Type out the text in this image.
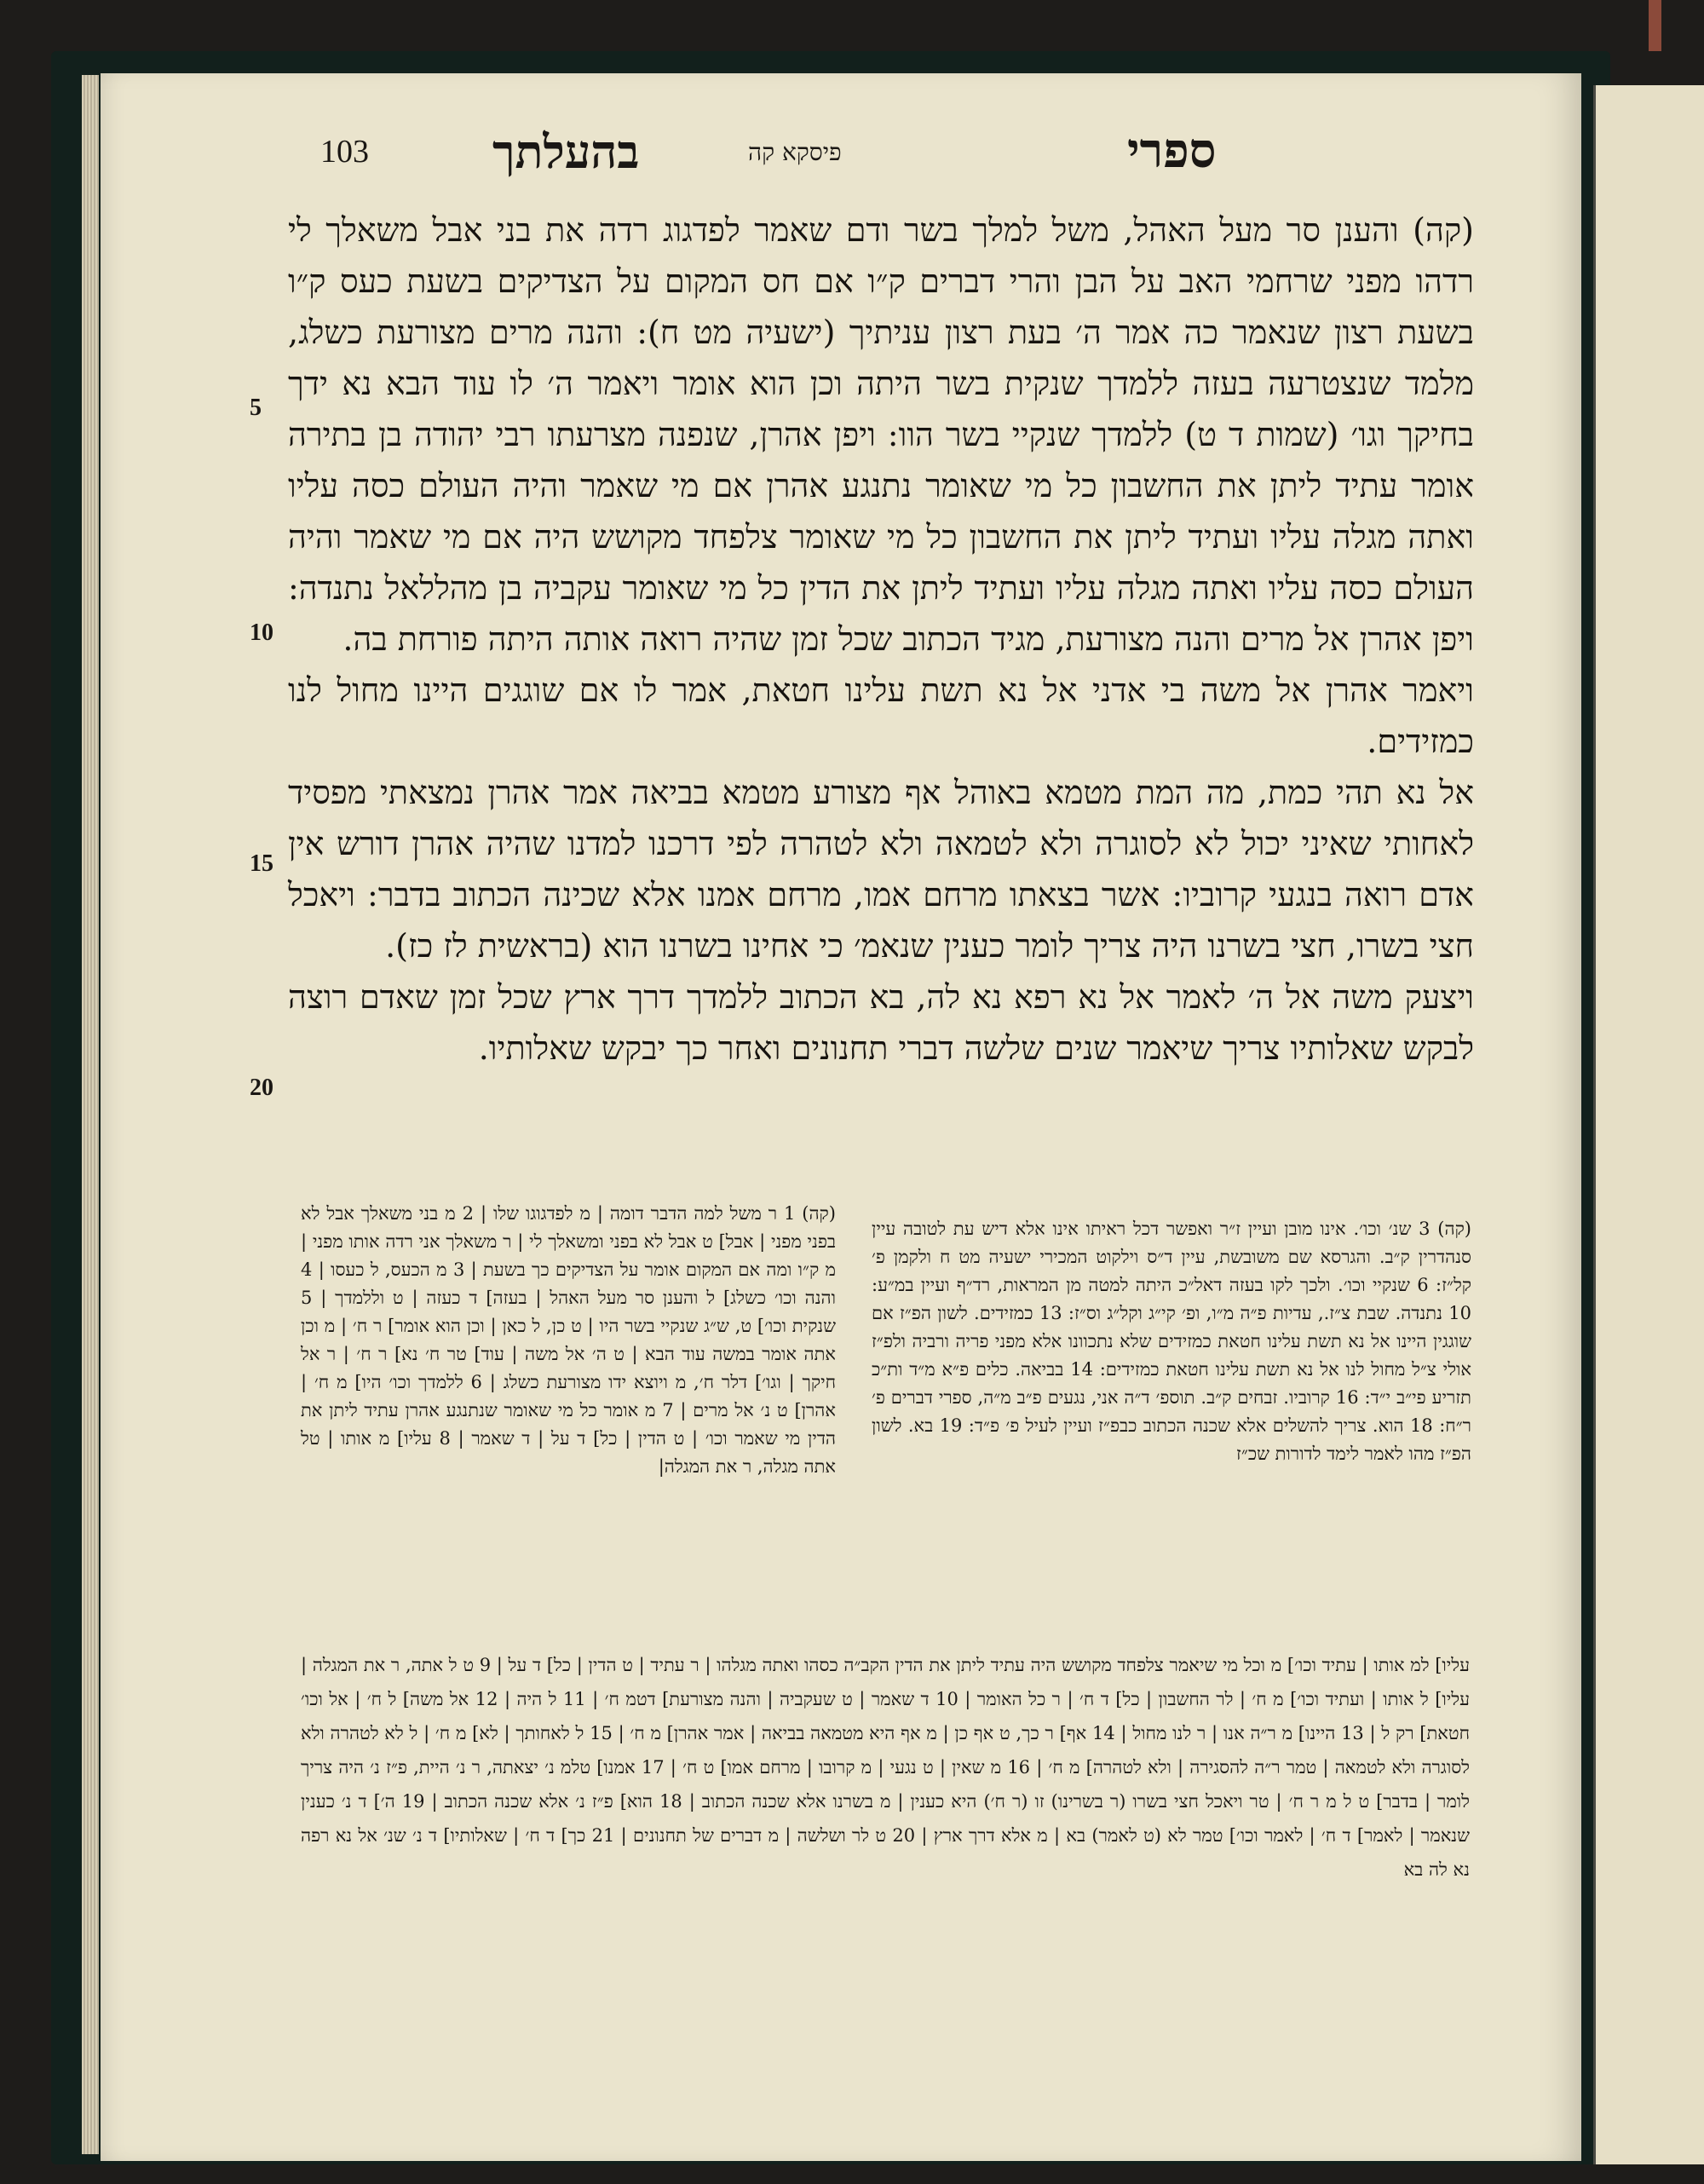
103	בהעלתך	פיסקא קה	ספרי
5
10
15
20

(קה) והענן סר מעל האהל, משל למלך בשר ודם שאמר לפדגוג רדה את בני אבל משאלך לי רדהו מפני שרחמי האב על הבן והרי דברים ק״ו אם חס המקום על הצדיקים בשעת כעס ק״ו בשעת רצון שנאמר כה אמר ה׳ בעת רצון עניתיך (ישעיה מט ח): והנה מרים מצורעת כשלג, מלמד שנצטרעה בעזה ללמדך שנקית בשר היתה וכן הוא אומר ויאמר ה׳ לו עוד הבא נא ידך בחיקך וגו׳ (שמות ד ט) ללמדך שנקיי בשר הוו: ויפן אהרן, שנפנה מצרעתו רבי יהודה בן בתירה אומר עתיד ליתן את החשבון כל מי שאומר נתנגע אהרן אם מי שאמר והיה העולם כסה עליו ואתה מגלה עליו ועתיד ליתן את החשבון כל מי שאומר צלפחד מקושש היה אם מי שאמר והיה העולם כסה עליו ואתה מגלה עליו ועתיד ליתן את הדין כל מי שאומר עקביה בן מהללאל נתנדה: ויפן אהרן אל מרים והנה מצורעת, מגיד הכתוב שכל זמן שהיה רואה אותה היתה פורחת בה.

ויאמר אהרן אל משה בי אדני אל נא תשת עלינו חטאת, אמר לו אם שוגגים היינו מחול לנו כמזידים.

אל נא תהי כמת, מה המת מטמא באוהל אף מצורע מטמא בביאה אמר אהרן נמצאתי מפסיד לאחותי שאיני יכול לא לסוגרה ולא לטמאה ולא לטהרה לפי דרכנו למדנו שהיה אהרן דורש אין אדם רואה בנגעי קרוביו: אשר בצאתו מרחם אמו, מרחם אמנו אלא שכינה הכתוב בדבר: ויאכל חצי בשרו, חצי בשרנו היה צריך לומר כענין שנאמ׳ כי אחינו בשרנו הוא (בראשית לז כז).

ויצעק משה אל ה׳ לאמר אל נא רפא נא לה, בא הכתוב ללמדך דרך ארץ שכל זמן שאדם רוצה לבקש שאלותיו צריך שיאמר שנים שלשה דברי תחנונים ואחר כך יבקש שאלותיו.

(קה) 3 שנ׳ וכו׳. אינו מובן ועיין ז״ר ואפשר דכל ראיתו אינו אלא דיש עת לטובה עיין סנהדרין ק״ב. והגרסא שם משובשת, עיין ד״ס וילקוט המכירי ישעיה מט ח ולקמן פ׳ קל״ז: 6 שנקיי וכו׳. ולכך לקו בעזה דאל״כ היתה למטה מן המראות, רד״ף ועיין במ״ע: 10 נתנדה. שבת צ״ז., עדיות פ״ה מ״ו, ופ׳ קי״ג וקל״ג וס״ז: 13 כמזידים. לשון הפ״ז אם שוגגין היינו אל נא תשת עלינו חטאת כמזידים שלא נתכוונו אלא מפני פריה ורביה ולפ״ז אולי צ״ל מחול לנו אל נא תשת עלינו חטאת כמזידים: 14 בביאה. כלים פ״א מ״ד ות״כ תזריע פי״ב י״ד: 16 קרוביו. זבחים ק״ב. תוספ׳ ד״ה אני, נגעים פ״ב מ״ה, ספרי דברים פ׳ ר״ח: 18 הוא. צריך להשלים אלא שכנה הכתוב כבפ״ז ועיין לעיל פ׳ פ״ד: 19 בא. לשון הפ״ז מהו לאמר לימד לדורות שכ״ז
(קה) 1 ר משל למה הדבר דומה | מ לפדגוגו שלו | 2 מ בני משאלך אבל לא בפני מפני | אבל] ט אבל לא בפני ומשאלך לי | ר משאלך אני רדה אותו מפני | מ ק״ו ומה אם המקום אומר על הצדיקים כך בשעת | 3 מ הכעס, ל כעסו | 4 והנה וכו׳ כשלג] ל והענן סר מעל האהל | בעזה] ד כעזה | ט וללמדך | 5 שנקית וכו׳] ט, ש״ג שנקיי בשר היו | ט כן, ל כאן | וכן הוא אומר] ר ח׳ | מ וכן אתה אומר במשה עוד הבא | ט ה׳ אל משה | עוד] טר ח׳ נא] ר ח׳ | ר אל חיקך | וגו׳] דלר ח׳, מ ויוצא ידו מצורעת כשלג | 6 ללמדך וכו׳ היו] מ ח׳ | אהרן] ט נ׳ אל מרים | 7 מ אומר כל מי שאומר שנתנגע אהרן עתיד ליתן את הדין מי שאמר וכו׳ | ט הדין | כל] ד על | ד שאמר | 8 עליו] מ אותו | טל אתה מגלה, ר את המגלה|
עליו] למ אותו | עתיד וכו׳] מ וכל מי שיאמר צלפחד מקושש היה עתיד ליתן את הדין הקב״ה כסהו ואתה מגלהו | ר עתיד | ט הדין | כל] ד על | 9 ט ל אתה, ר את המגלה | עליו] ל אותו | ועתיד וכו׳] מ ח׳ | לר החשבון | כל] ד ח׳ | ר כל האומר | 10 ד שאמר | ט שעקביה | והנה מצורעת] דטמ ח׳ | 11 ל היה | 12 אל משה] ל ח׳ | אל וכו׳ חטאת] רק ל | 13 היינו] מ ר״ה אנו | ר לנו מחול | 14 אף] ר כך, ט אף כן | מ אף היא מטמאה בביאה | אמר אהרן] מ ח׳ | 15 ל לאחותך | לא] מ ח׳ | ל לא לטהרה ולא לסוגרה ולא לטמאה | טמר ר״ה להסגירה | ולא לטהרה] מ ח׳ | 16 מ שאין | ט נגעי | מ קרובו | מרחם אמו] ט ח׳ | 17 אמנו] טלמ נ׳ יצאתה, ר נ׳ היית, פ״ז נ׳ היה צריך לומר | בדבר] ט ל מ ר ח׳ | טר ויאכל חצי בשרו (ר בשרינו) זו (ר ח׳) היא כענין | מ בשרנו אלא שכנה הכתוב | 18 הוא] פ״ז נ׳ אלא שכנה הכתוב | 19 ה׳] ד נ׳ כענין שנאמר | לאמר] ד ח׳ | לאמר וכו׳] טמר לא (ט לאמר) בא | מ אלא דרך ארץ | 20 ט לר ושלשה | מ דברים של תחנונים | 21 כך] ד ח׳ | שאלותיו] ד נ׳ שנ׳ אל נא רפה נא לה בא
